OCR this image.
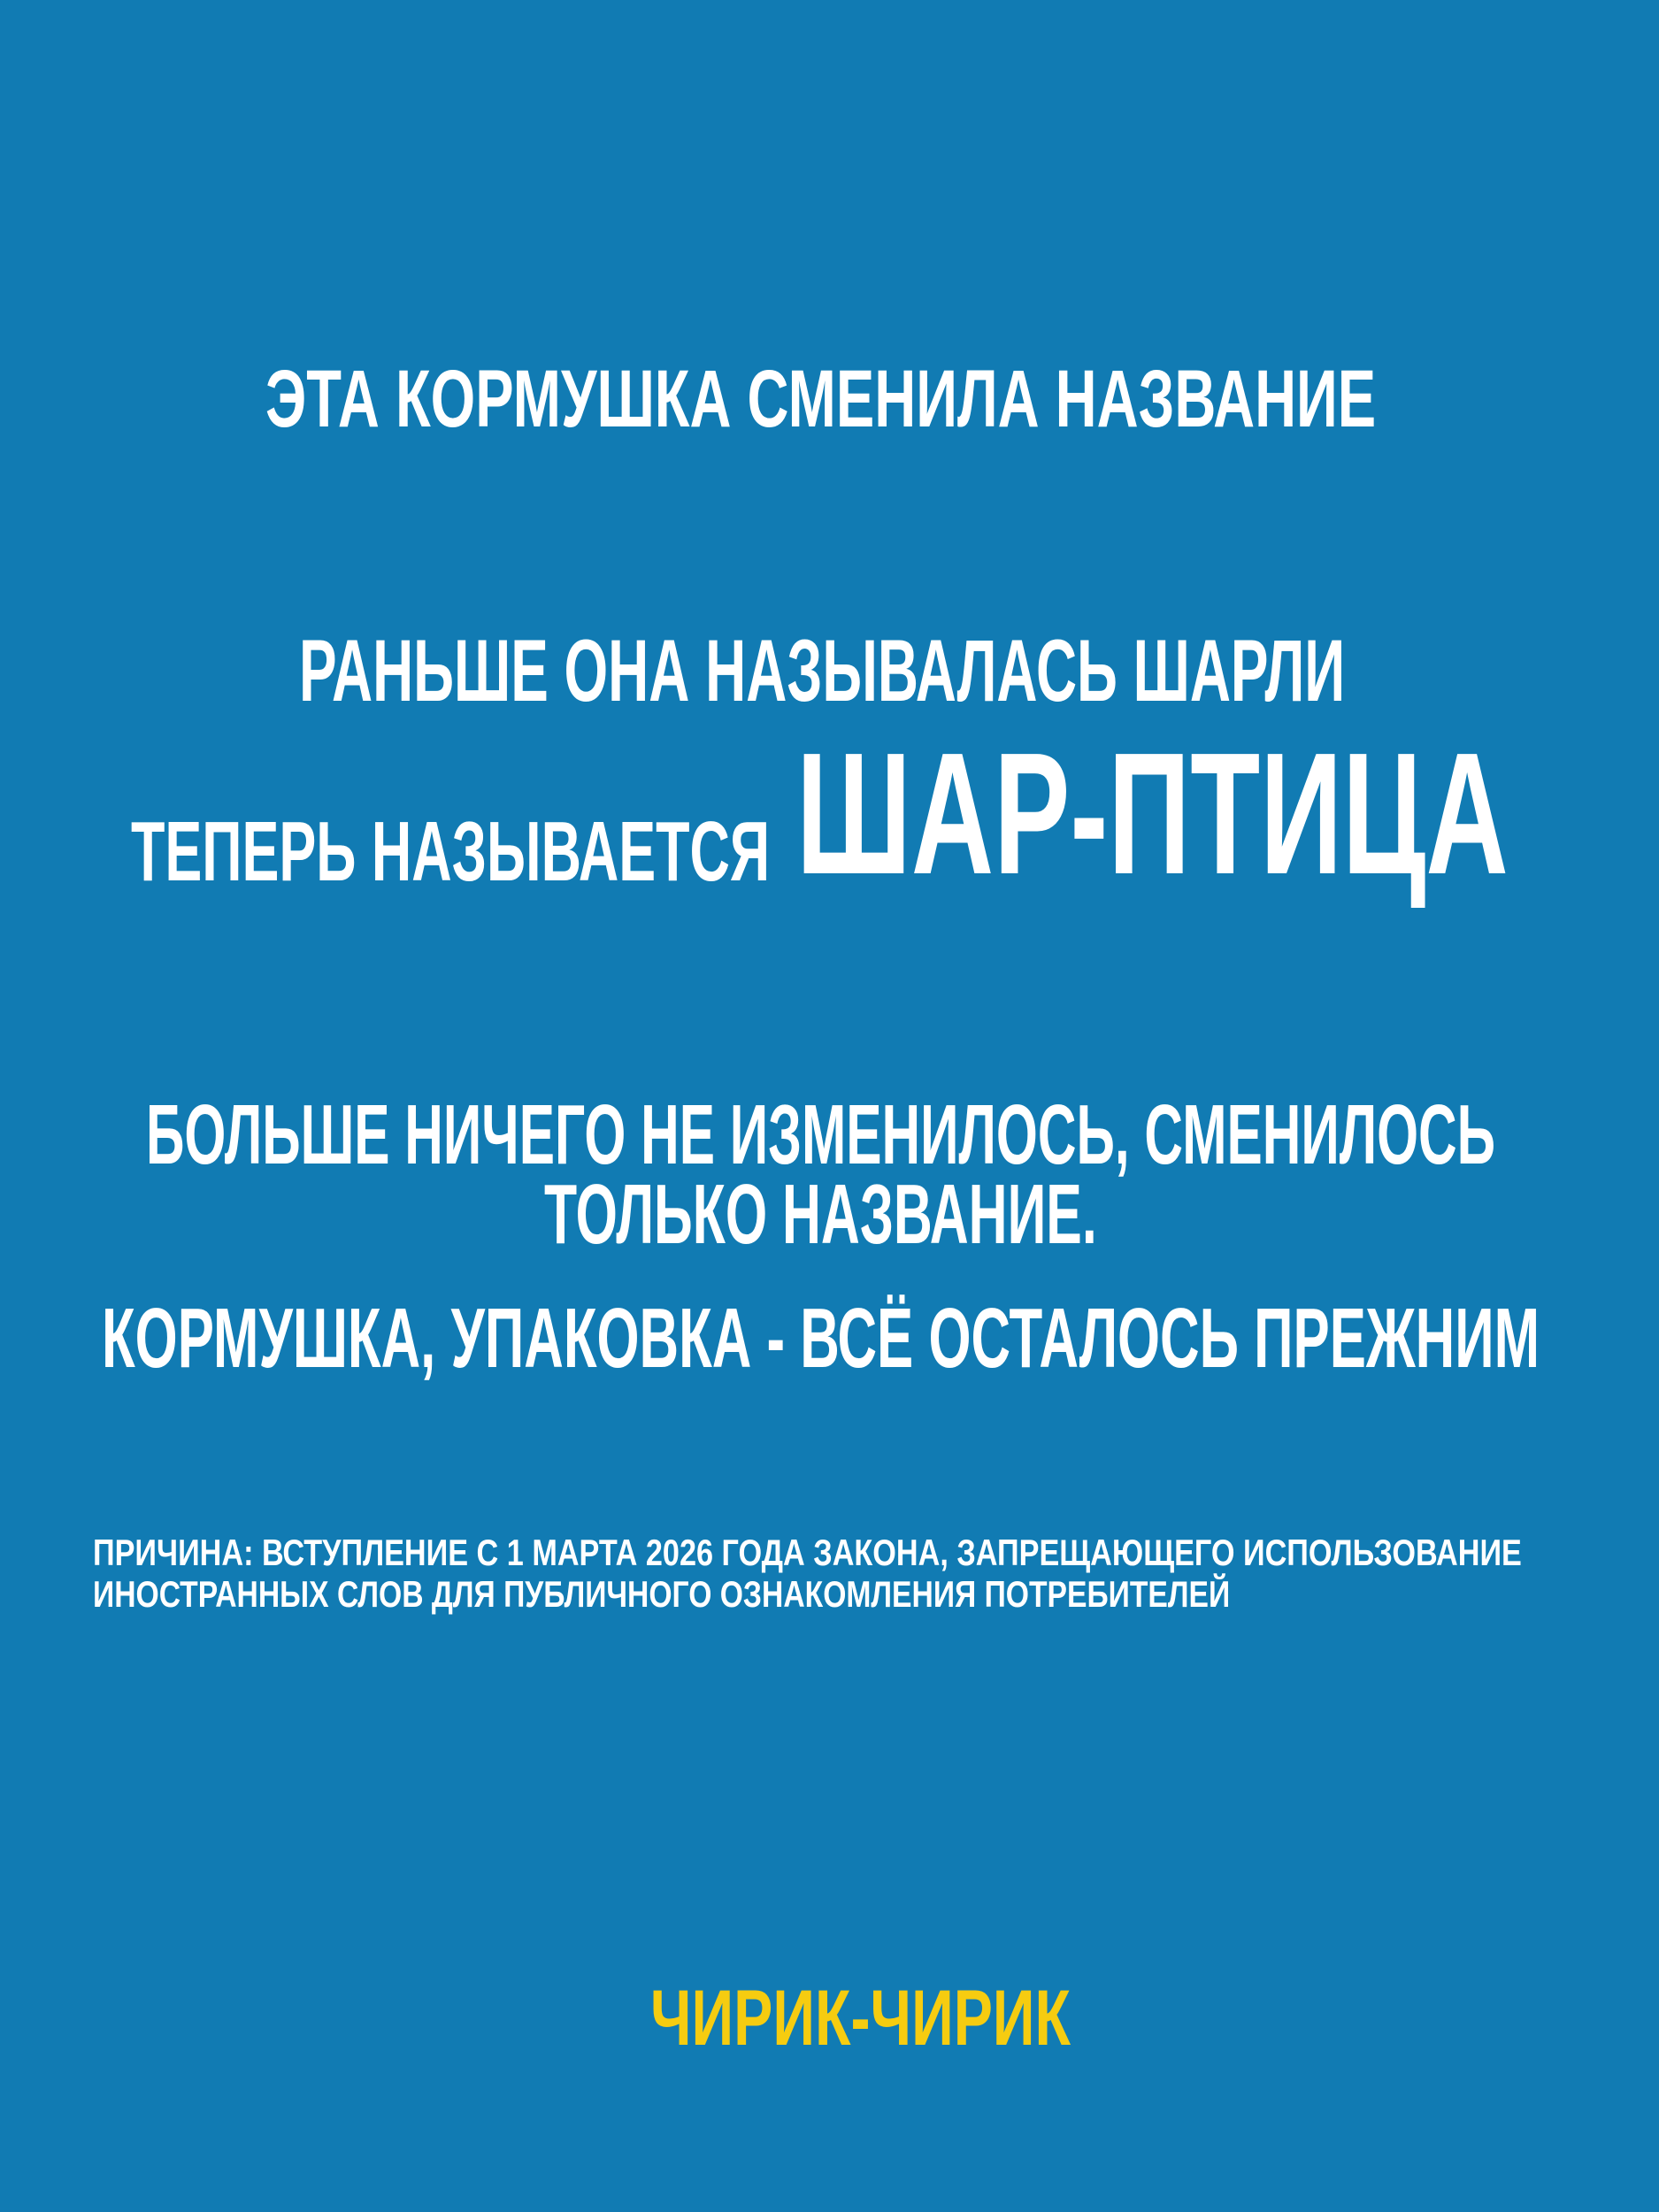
ЭТА КОРМУШКА СМЕНИЛА НАЗВАНИЕ
РАНЬШЕ ОНА НАЗЫВАЛАСЬ ШАРЛИ
ТЕПЕРЬ НАЗЫВАЕТСЯ ШАР-ПТИЦА
БОЛЬШЕ НИЧЕГО НЕ ИЗМЕНИЛОСЬ, СМЕНИЛОСЬ
ТОЛЬКО НАЗВАНИЕ.
КОРМУШКА, УПАКОВКА - ВСЁ ОСТАЛОСЬ ПРЕЖНИМ
ПРИЧИНА: ВСТУПЛЕНИЕ С 1 МАРТА 2026 ГОДА ЗАКОНА, ЗАПРЕЩАЮЩЕГО ИСПОЛЬЗОВАНИЕ
ИНОСТРАННЫХ СЛОВ ДЛЯ ПУБЛИЧНОГО ОЗНАКОМЛЕНИЯ ПОТРЕБИТЕЛЕЙ
ЧИРИК-ЧИРИК
